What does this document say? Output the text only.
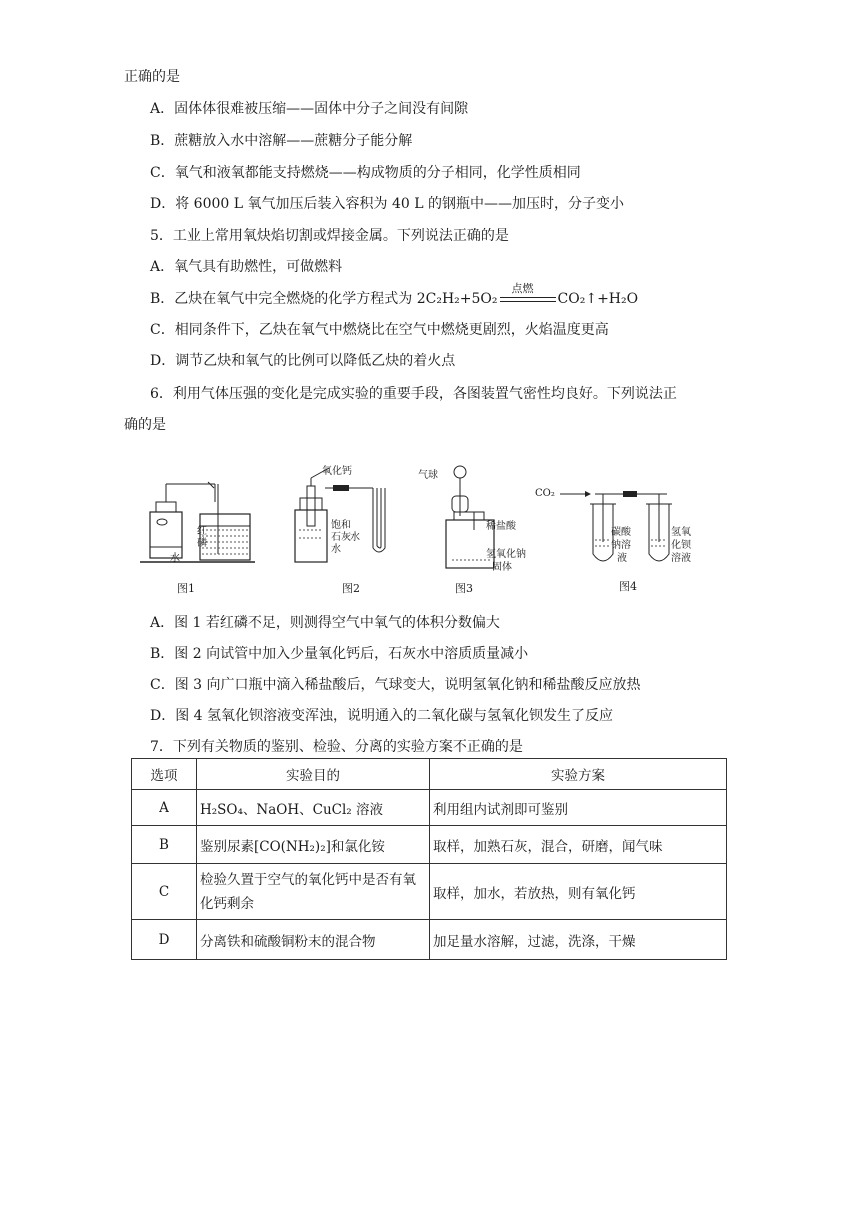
正确的是
A．固体体很难被压缩——固体中分子之间没有间隙
B．蔗糖放入水中溶解——蔗糖分子能分解
C．氧气和液氧都能支持燃烧——构成物质的分子相同，化学性质相同
D．将 6000 L 氧气加压后装入容积为 40 L 的钢瓶中——加压时，分子变小
5．工业上常用氧炔焰切割或焊接金属。下列说法正确的是
A．氧气具有助燃性，可做燃料
B．乙炔在氧气中完全燃烧的化学方程式为 2C₂H₂+5O₂
点燃
CO₂↑+H₂O
C．相同条件下，乙炔在氧气中燃烧比在空气中燃烧更剧烈，火焰温度更高
D．调节乙炔和氧气的比例可以降低乙炔的着火点
6．利用气体压强的变化是完成实验的重要手段，各图装置气密性均良好。下列说法正
确的是
红
磷
水
图1
氧化钙
饱和
石灰
水
水
图2
气球
稀盐酸
氢氧化钠
固体
图3
CO₂
碳酸
钠溶
液
氢氧
化钡
溶液
图4
A．图 1 若红磷不足，则测得空气中氧气的体积分数偏大
B．图 2 向试管中加入少量氧化钙后，石灰水中溶质质量减小
C．图 3 向广口瓶中滴入稀盐酸后，气球变大，说明氢氧化钠和稀盐酸反应放热
D．图 4 氢氧化钡溶液变浑浊，说明通入的二氧化碳与氢氧化钡发生了反应
7．下列有关物质的鉴别、检验、分离的实验方案不正确的是
选项	实验目的	实验方案
A	H₂SO₄、NaOH、CuCl₂ 溶液	利用组内试剂即可鉴别
B	鉴别尿素[CO(NH₂)₂]和氯化铵	取样，加熟石灰，混合，研磨，闻气味
C	检验久置于空气的氧化钙中是否有氧化钙剩余	取样，加水，若放热，则有氧化钙
D	分离铁和硫酸铜粉末的混合物	加足量水溶解，过滤，洗涤，干燥
